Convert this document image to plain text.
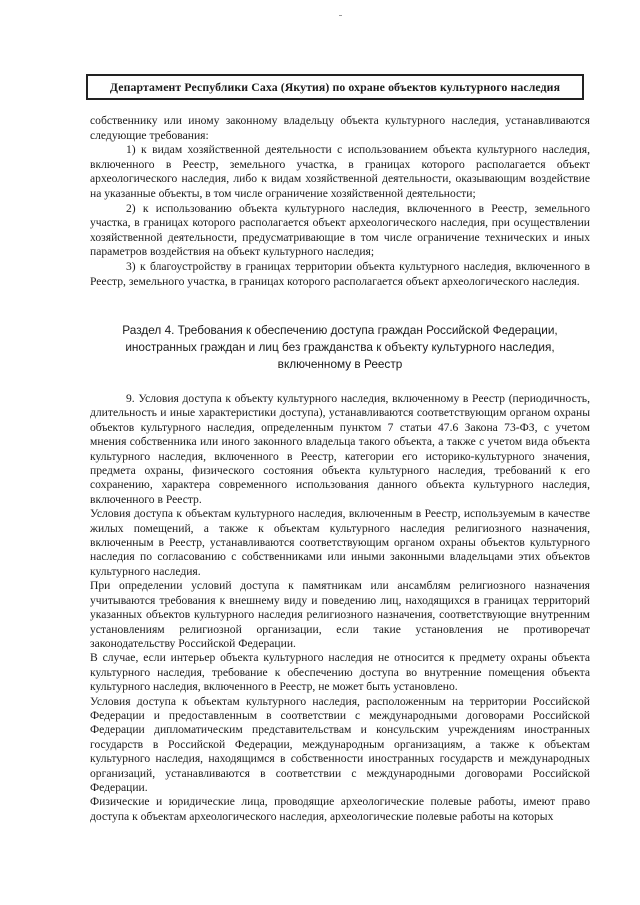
Департамент Республики Саха (Якутия) по охране объектов культурного наследия

собственнику или иному законному владельцу объекта культурного наследия, устанавливаются следующие требования:

1) к видам хозяйственной деятельности с использованием объекта культурного наследия, включенного в Реестр, земельного участка, в границах которого располагается объект археологического наследия, либо к видам хозяйственной деятельности, оказывающим воздействие на указанные объекты, в том числе ограничение хозяйственной деятельности;

2) к использованию объекта культурного наследия, включенного в Реестр, земельного участка, в границах которого располагается объект археологического наследия, при осуществлении хозяйственной деятельности, предусматривающие в том числе ограничение технических и иных параметров воздействия на объект культурного наследия;

3) к благоустройству в границах территории объекта культурного наследия, включенного в Реестр, земельного участка, в границах которого располагается объект археологического наследия.

Раздел 4. Требования к обеспечению доступа граждан Российской Федерации,
иностранных граждан и лиц без гражданства к объекту культурного наследия,
включенному в Реестр

9. Условия доступа к объекту культурного наследия, включенному в Реестр (периодичность, длительность и иные характеристики доступа), устанавливаются соответствующим органом охраны объектов культурного наследия, определенным пунктом 7 статьи 47.6 Закона 73-ФЗ, с учетом мнения собственника или иного законного владельца такого объекта, а также с учетом вида объекта культурного наследия, включенного в Реестр, категории его историко-культурного значения, предмета охраны, физического состояния объекта культурного наследия, требований к его сохранению, характера современного использования данного объекта культурного наследия, включенного в Реестр.

Условия доступа к объектам культурного наследия, включенным в Реестр, используемым в качестве жилых помещений, а также к объектам культурного наследия религиозного назначения, включенным в Реестр, устанавливаются соответствующим органом охраны объектов культурного наследия по согласованию с собственниками или иными законными владельцами этих объектов культурного наследия.

При определении условий доступа к памятникам или ансамблям религиозного назначения учитываются требования к внешнему виду и поведению лиц, находящихся в границах территорий указанных объектов культурного наследия религиозного назначения, соответствующие внутренним установлениям религиозной организации, если такие установления не противоречат законодательству Российской Федерации.

В случае, если интерьер объекта культурного наследия не относится к предмету охраны объекта культурного наследия, требование к обеспечению доступа во внутренние помещения объекта культурного наследия, включенного в Реестр, не может быть установлено.

Условия доступа к объектам культурного наследия, расположенным на территории Российской Федерации и предоставленным в соответствии с международными договорами Российской Федерации дипломатическим представительствам и консульским учреждениям иностранных государств в Российской Федерации, международным организациям, а также к объектам культурного наследия, находящимся в собственности иностранных государств и международных организаций, устанавливаются в соответствии с международными договорами Российской Федерации.

Физические и юридические лица, проводящие археологические полевые работы, имеют право доступа к объектам археологического наследия, археологические полевые работы на которых
